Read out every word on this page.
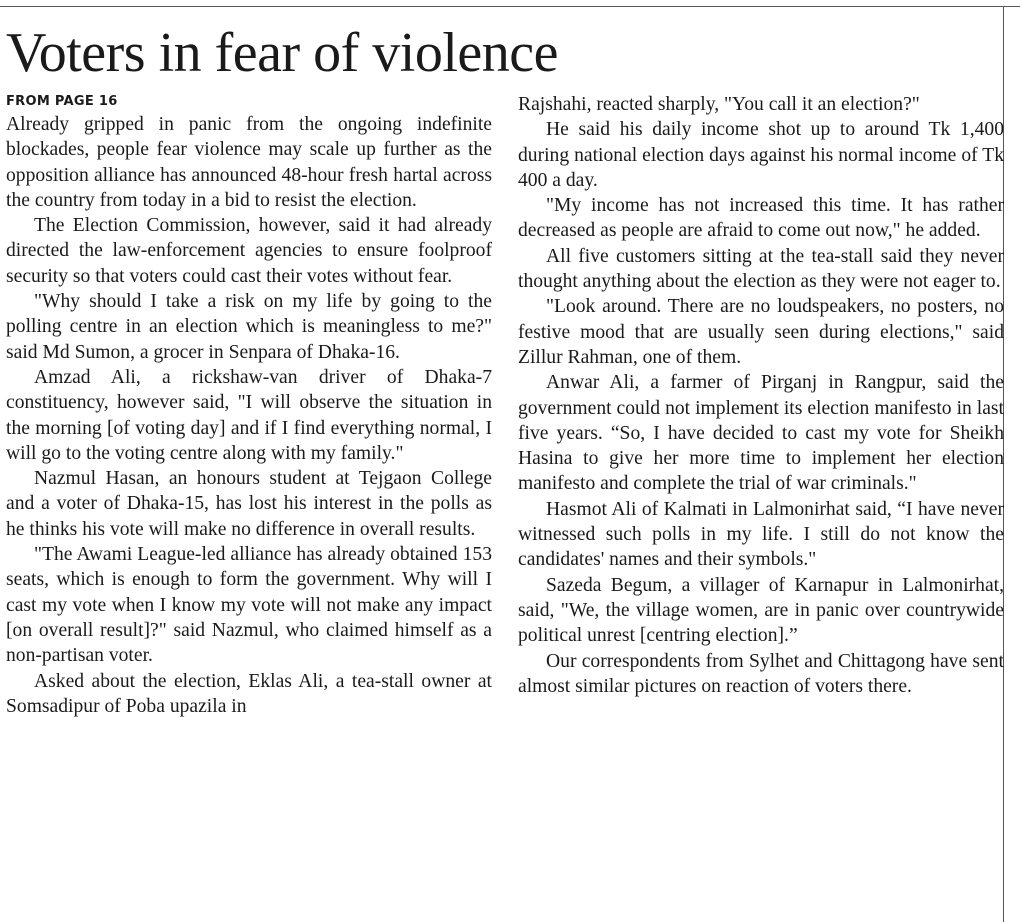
Voters in fear of violence
FROM PAGE 16

Already gripped in panic from the ongoing indefinite blockades, people fear violence may scale up further as the opposition alliance has announced 48-hour fresh hartal across the country from today in a bid to resist the election.

The Election Commission, however, said it had already directed the law-enforcement agencies to ensure foolproof security so that voters could cast their votes without fear.

"Why should I take a risk on my life by going to the polling centre in an election which is meaningless to me?" said Md Sumon, a grocer in Senpara of Dhaka-16.

Amzad Ali, a rickshaw-van driver of Dhaka-7 constituency, however said, "I will observe the situation in the morning [of voting day] and if I find everything normal, I will go to the voting centre along with my family."

Nazmul Hasan, an honours student at Tejgaon College and a voter of Dhaka-15, has lost his interest in the polls as he thinks his vote will make no difference in overall results.

"The Awami League-led alliance has already obtained 153 seats, which is enough to form the government. Why will I cast my vote when I know my vote will not make any impact [on overall result]?" said Nazmul, who claimed himself as a non-partisan voter.

Asked about the election, Eklas Ali, a tea-stall owner at Somsadipur of Poba upazila in

Rajshahi, reacted sharply, "You call it an election?"

He said his daily income shot up to around Tk 1,400 during national election days against his normal income of Tk 400 a day.

"My income has not increased this time. It has rather decreased as people are afraid to come out now," he added.

All five customers sitting at the tea-stall said they never thought anything about the election as they were not eager to.

"Look around. There are no loudspeakers, no posters, no festive mood that are usually seen during elections," said Zillur Rahman, one of them.

Anwar Ali, a farmer of Pirganj in Rangpur, said the government could not implement its election manifesto in last five years. “So, I have decided to cast my vote for Sheikh Hasina to give her more time to implement her election manifesto and complete the trial of war criminals."

Hasmot Ali of Kalmati in Lalmonirhat said, “I have never witnessed such polls in my life. I still do not know the candidates' names and their symbols."

Sazeda Begum, a villager of Karnapur in Lalmonirhat, said, "We, the village women, are in panic over countrywide political unrest [centring election].”

Our correspondents from Sylhet and Chittagong have sent almost similar pictures on reaction of voters there.
